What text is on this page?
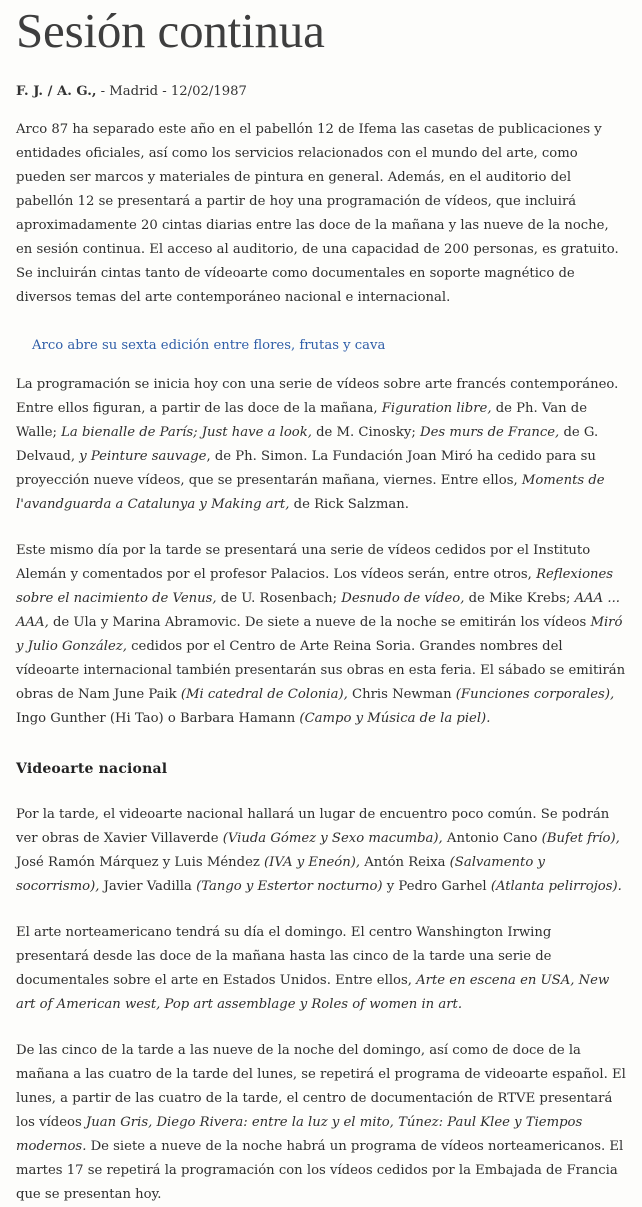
Sesión continua
F. J. / A. G., - Madrid - 12/02/1987

Arco 87 ha separado este año en el pabellón 12 de Ifema las casetas de publicaciones y entidades oficiales, así como los servicios relacionados con el mundo del arte, como pueden ser marcos y materiales de pintura en general. Además, en el auditorio del pabellón 12 se presentará a partir de hoy una programación de vídeos, que incluirá aproximadamente 20 cintas diarias entre las doce de la mañana y las nueve de la noche, en sesión continua. El acceso al auditorio, de una capacidad de 200 personas, es gratuito. Se incluirán cintas tanto de vídeoarte como documentales en soporte magnético de diversos temas del arte contemporáneo nacional e internacional.

Arco abre su sexta edición entre flores, frutas y cava

La programación se inicia hoy con una serie de vídeos sobre arte francés contemporáneo. Entre ellos figuran, a partir de las doce de la mañana, Figuration libre, de Ph. Van de Walle; La bienalle de París; Just have a look, de M. Cinosky; Des murs de France, de G. Delvaud, y Peinture sauvage, de Ph. Simon. La Fundación Joan Miró ha cedido para su proyección nueve vídeos, que se presentarán mañana, viernes. Entre ellos, Moments de l'avandguarda a Catalunya y Making art, de Rick Salzman.

Este mismo día por la tarde se presentará una serie de vídeos cedidos por el Instituto Alemán y comentados por el profesor Palacios. Los vídeos serán, entre otros, Reflexiones sobre el nacimiento de Venus, de U. Rosenbach; Desnudo de vídeo, de Mike Krebs; AAA ... AAA, de Ula y Marina Abramovic. De siete a nueve de la noche se emitirán los vídeos Miró y Julio González, cedidos por el Centro de Arte Reina Soria. Grandes nombres del vídeoarte internacional también presentarán sus obras en esta feria. El sábado se emitirán obras de Nam June Paik (Mi catedral de Colonia), Chris Newman (Funciones corporales), Ingo Gunther (Hi Tao) o Barbara Hamann (Campo y Música de la piel).

Videoarte nacional

Por la tarde, el videoarte nacional hallará un lugar de encuentro poco común. Se podrán ver obras de Xavier Villaverde (Viuda Gómez y Sexo macumba), Antonio Cano (Bufet frío), José Ramón Márquez y Luis Méndez (IVA y Eneón), Antón Reixa (Salvamento y socorrismo), Javier Vadilla (Tango y Estertor nocturno) y Pedro Garhel (Atlanta pelirrojos).

El arte norteamericano tendrá su día el domingo. El centro Wanshington Irwing presentará desde las doce de la mañana hasta las cinco de la tarde una serie de documentales sobre el arte en Estados Unidos. Entre ellos, Arte en escena en USA, New art of American west, Pop art assemblage y Roles of women in art.

De las cinco de la tarde a las nueve de la noche del domingo, así como de doce de la mañana a las cuatro de la tarde del lunes, se repetirá el programa de videoarte español. El lunes, a partir de las cuatro de la tarde, el centro de documentación de RTVE presentará los vídeos Juan Gris, Diego Rivera: entre la luz y el mito, Túnez: Paul Klee y Tiempos modernos. De siete a nueve de la noche habrá un programa de vídeos norteamericanos. El martes 17 se repetirá la programación con los vídeos cedidos por la Embajada de Francia que se presentan hoy.
